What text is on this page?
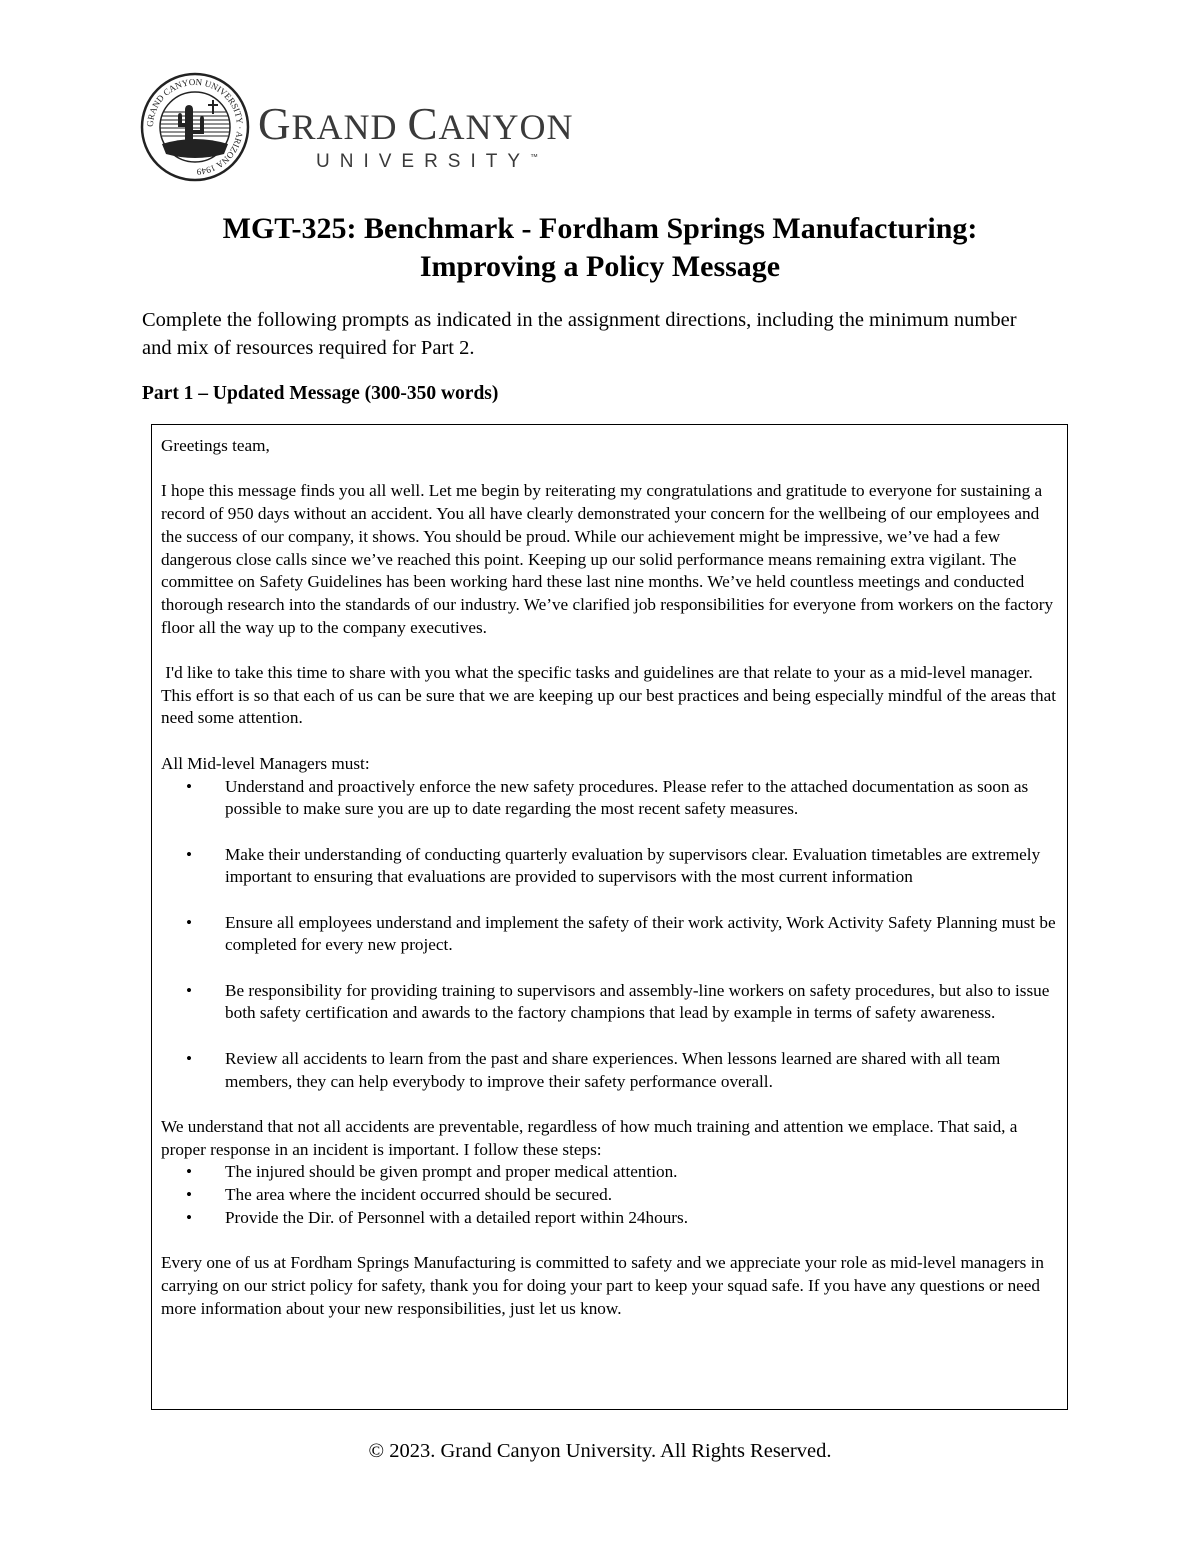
GRAND CANYON UNIVERSITY · ARIZONA 1949
GRAND CANYON
UNIVERSITY™
MGT-325: Benchmark - Fordham Springs Manufacturing:
Improving a Policy Message
Complete the following prompts as indicated in the assignment directions, including the minimum number and mix of resources required for Part 2.
Part 1 – Updated Message (300-350 words)

Greetings team,

I hope this message finds you all well. Let me begin by reiterating my congratulations and gratitude to everyone for sustaining a record of 950 days without an accident. You all have clearly demonstrated your concern for the wellbeing of our employees and the success of our company, it shows. You should be proud. While our achievement might be impressive, we’ve had a few dangerous close calls since we’ve reached this point. Keeping up our solid performance means remaining extra vigilant. The committee on Safety Guidelines has been working hard these last nine months. We’ve held countless meetings and conducted thorough research into the standards of our industry. We’ve clarified job responsibilities for everyone from workers on the factory floor all the way up to the company executives.

I'd like to take this time to share with you what the specific tasks and guidelines are that relate to your as a mid-level manager. This effort is so that each of us can be sure that we are keeping up our best practices and being especially mindful of the areas that need some attention.

All Mid-level Managers must:

• Understand and proactively enforce the new safety procedures. Please refer to the attached documentation as soon as possible to make sure you are up to date regarding the most recent safety measures.
• Make their understanding of conducting quarterly evaluation by supervisors clear. Evaluation timetables are extremely important to ensuring that evaluations are provided to supervisors with the most current information
• Ensure all employees understand and implement the safety of their work activity, Work Activity Safety Planning must be completed for every new project.
• Be responsibility for providing training to supervisors and assembly-line workers on safety procedures, but also to issue both safety certification and awards to the factory champions that lead by example in terms of safety awareness.
• Review all accidents to learn from the past and share experiences. When lessons learned are shared with all team members, they can help everybody to improve their safety performance overall.

We understand that not all accidents are preventable, regardless of how much training and attention we emplace. That said, a proper response in an incident is important. I follow these steps:

• The injured should be given prompt and proper medical attention.
• The area where the incident occurred should be secured.
• Provide the Dir. of Personnel with a detailed report within 24hours.

Every one of us at Fordham Springs Manufacturing is committed to safety and we appreciate your role as mid-level managers in carrying on our strict policy for safety, thank you for doing your part to keep your squad safe. If you have any questions or need more information about your new responsibilities, just let us know.

© 2023. Grand Canyon University. All Rights Reserved.
